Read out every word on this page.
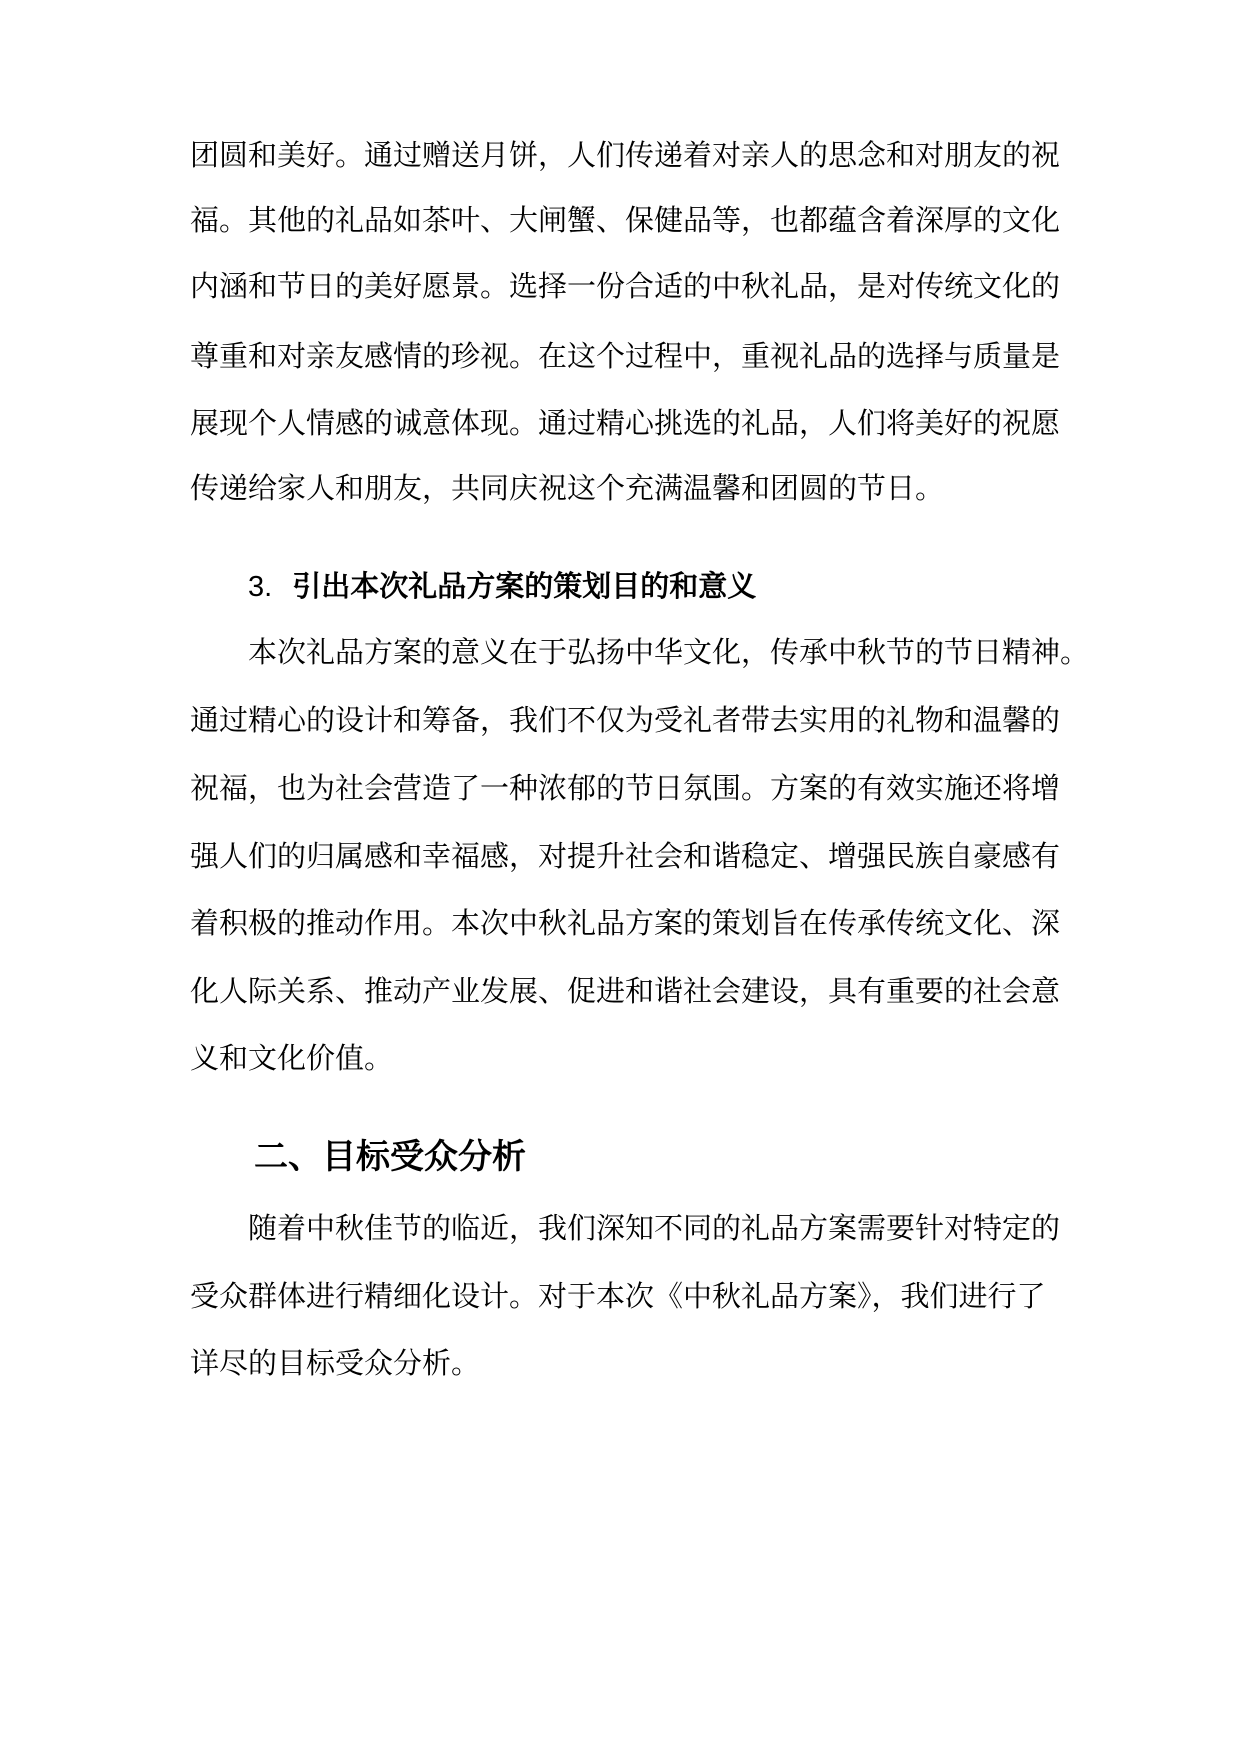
团圆和美好。通过赠送月饼，人们传递着对亲人的思念和对朋友的祝
福。其他的礼品如茶叶、大闸蟹、保健品等，也都蕴含着深厚的文化
内涵和节日的美好愿景。选择一份合适的中秋礼品，是对传统文化的
尊重和对亲友感情的珍视。在这个过程中，重视礼品的选择与质量是
展现个人情感的诚意体现。通过精心挑选的礼品，人们将美好的祝愿
传递给家人和朋友，共同庆祝这个充满温馨和团圆的节日。
3. 引出本次礼品方案的策划目的和意义
本次礼品方案的意义在于弘扬中华文化，传承中秋节的节日精神。
通过精心的设计和筹备，我们不仅为受礼者带去实用的礼物和温馨的
祝福，也为社会营造了一种浓郁的节日氛围。方案的有效实施还将增
强人们的归属感和幸福感，对提升社会和谐稳定、增强民族自豪感有
着积极的推动作用。本次中秋礼品方案的策划旨在传承传统文化、深
化人际关系、推动产业发展、促进和谐社会建设，具有重要的社会意
义和文化价值。
二、目标受众分析
随着中秋佳节的临近，我们深知不同的礼品方案需要针对特定的
受众群体进行精细化设计。对于本次《中秋礼品方案》，我们进行了
详尽的目标受众分析。
